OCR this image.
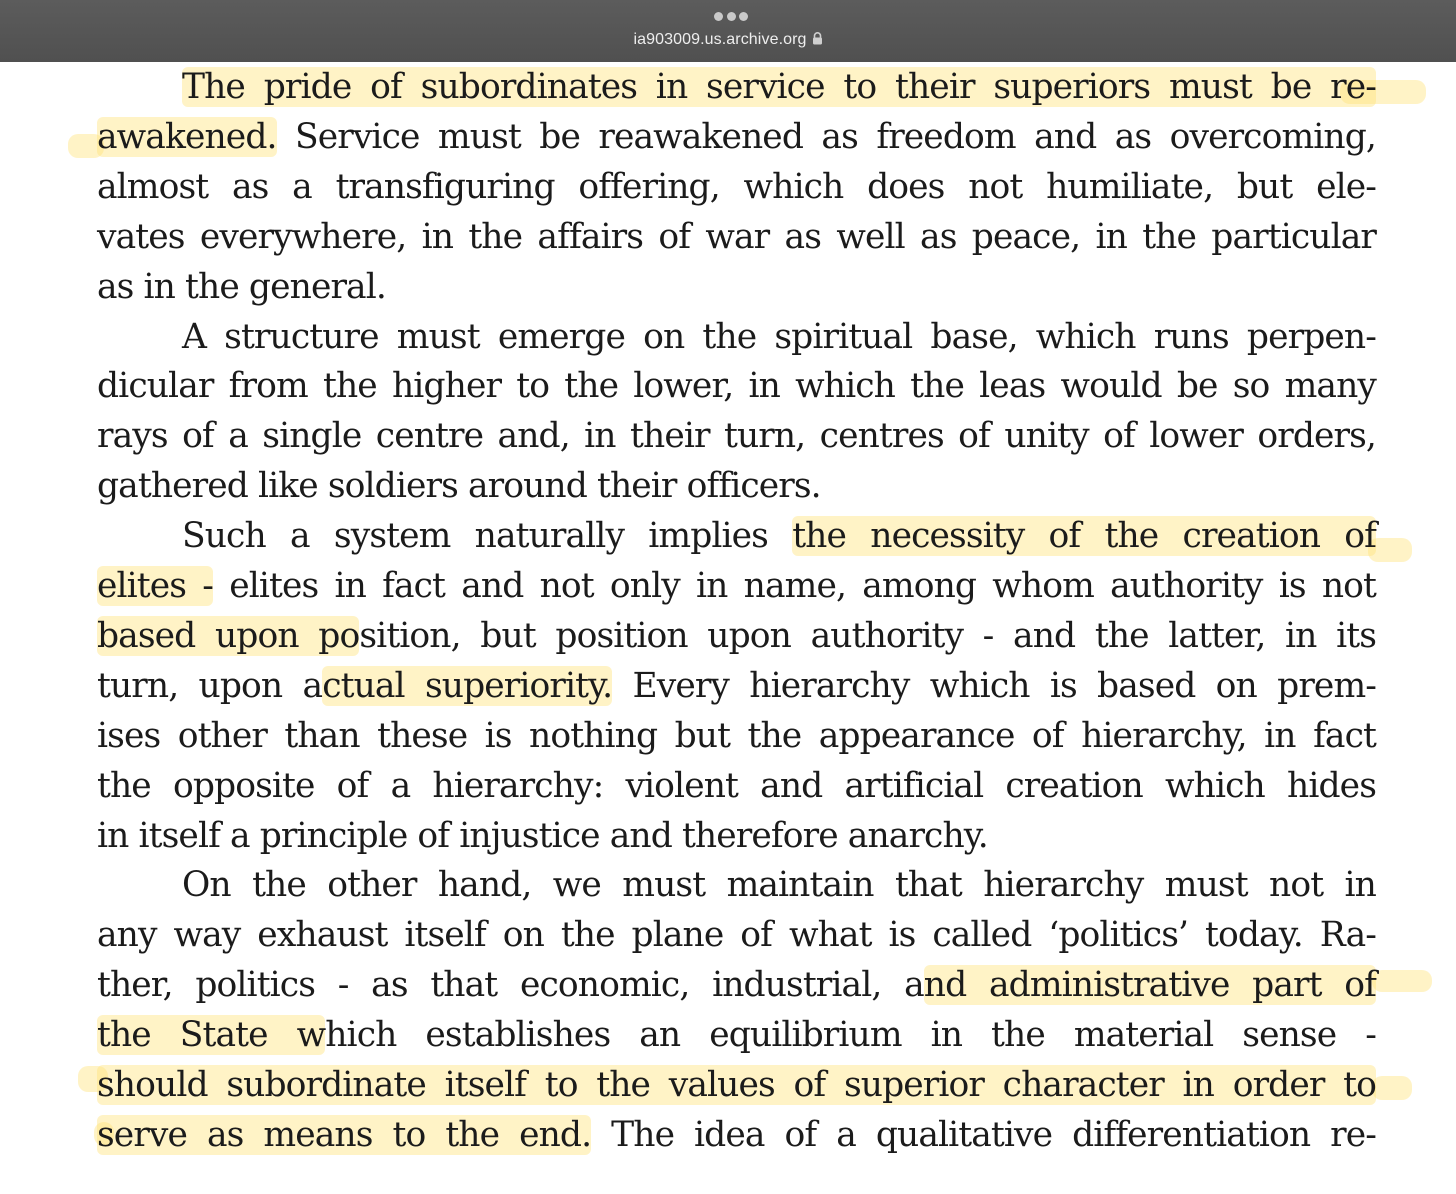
ia903009.us.archive.org
The pride of subordinates in service to their superiors must be re-
awakened. Service must be reawakened as freedom and as overcoming,
almost as a transfiguring offering, which does not humiliate, but ele-
vates everywhere, in the affairs of war as well as peace, in the particular
as in the general.
A structure must emerge on the spiritual base, which runs perpen-
dicular from the higher to the lower, in which the leas would be so many
rays of a single centre and, in their turn, centres of unity of lower orders,
gathered like soldiers around their officers.
Such a system naturally implies the necessity of the creation of
elites - elites in fact and not only in name, among whom authority is not
based upon position, but position upon authority - and the latter, in its
turn, upon actual superiority. Every hierarchy which is based on prem-
ises other than these is nothing but the appearance of hierarchy, in fact
the opposite of a hierarchy: violent and artificial creation which hides
in itself a principle of injustice and therefore anarchy.
On the other hand, we must maintain that hierarchy must not in
any way exhaust itself on the plane of what is called ‘politics’ today. Ra-
ther, politics - as that economic, industrial, and administrative part of
the State which establishes an equilibrium in the material sense -
should subordinate itself to the values of superior character in order to
serve as means to the end. The idea of a qualitative differentiation re-
